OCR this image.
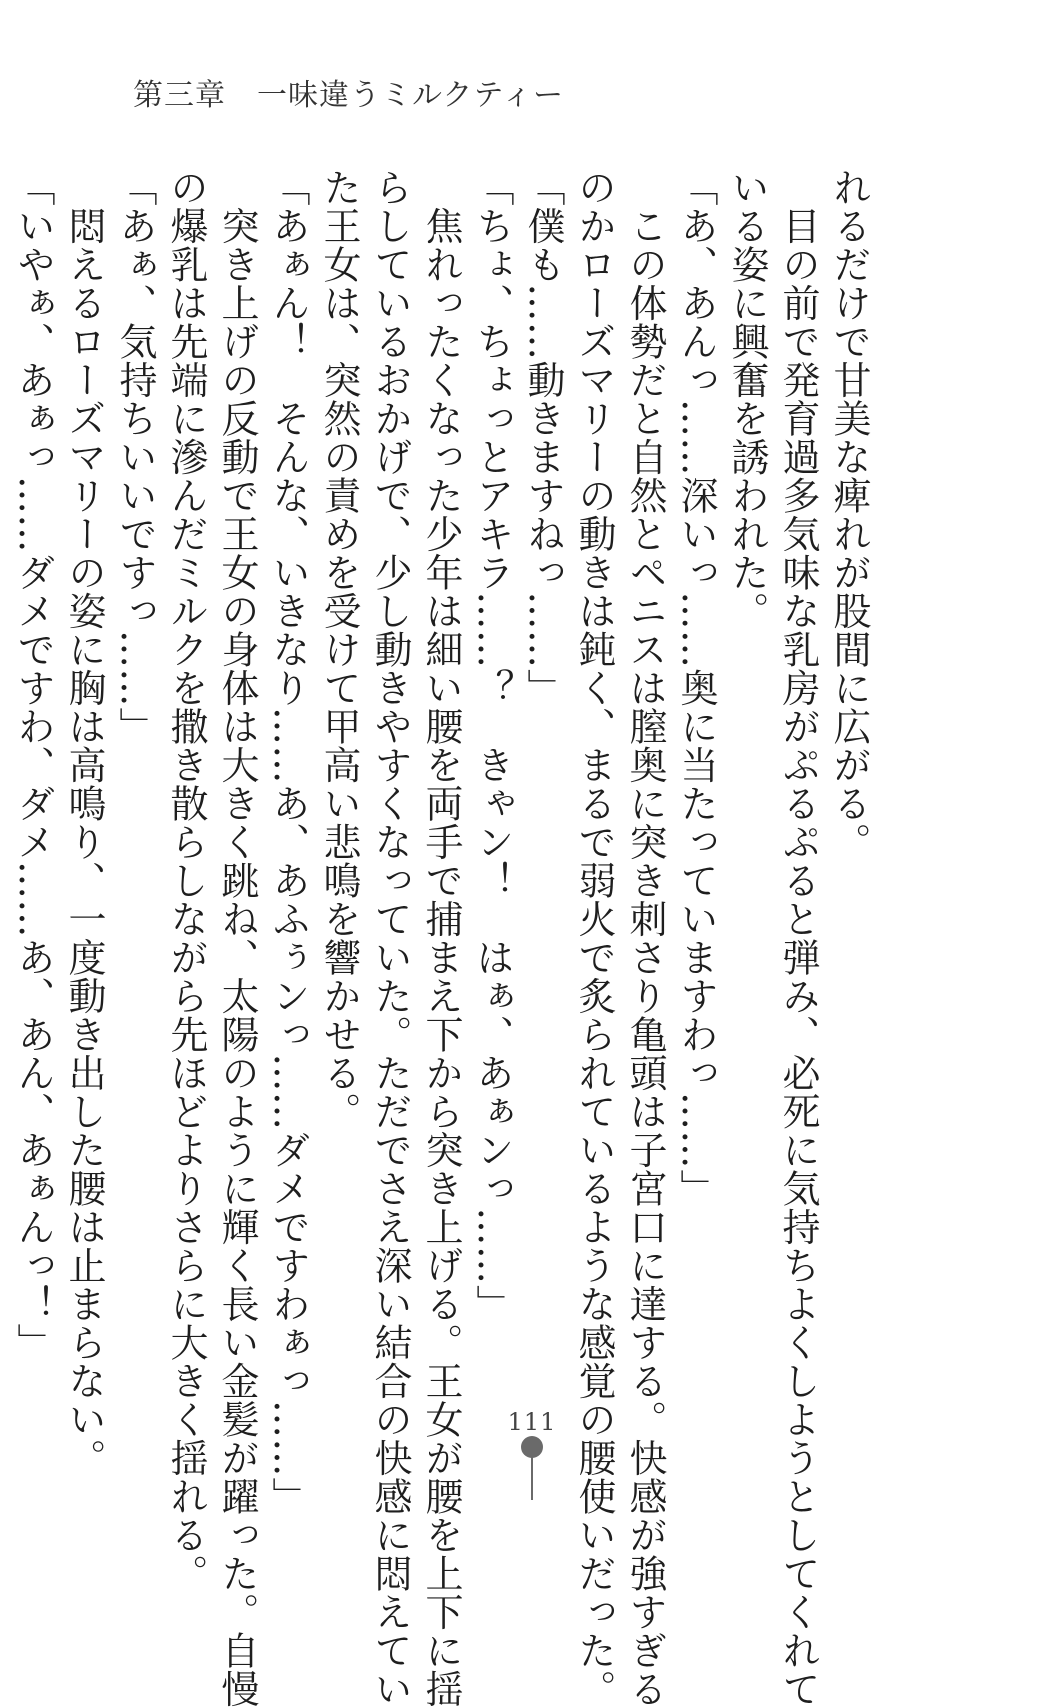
第三章　一味違うミルクティー

れるだけで甘美な痺れが股間に広がる。

　目の前で発育過多気味な乳房がぷるぷると弾み、必死に気持ちよくしようとしてくれて

いる姿に興奮を誘われた。

「あ、あんっ……深いっ……奥に当たっていますわっ……」

　この体勢だと自然とペニスは膣奥に突き刺さり亀頭は子宮口に達する。快感が強すぎる

のかローズマリーの動きは鈍く、まるで弱火で炙られているような感覚の腰使いだった。

「僕も……動きますねっ……」

「ちょ、ちょっとアキラ……？　きゃン！　はぁ、あぁンっ……」

　焦れったくなった少年は細い腰を両手で捕まえ下から突き上げる。王女が腰を上下に揺

らしているおかげで、少し動きやすくなっていた。ただでさえ深い結合の快感に悶えてい

た王女は、突然の責めを受けて甲高い悲鳴を響かせる。

「あぁん！　そんな、いきなり……あ、あふぅンっ……ダメですわぁっ……」

　突き上げの反動で王女の身体は大きく跳ね、太陽のように輝く長い金髪が躍った。自慢

の爆乳は先端に滲んだミルクを撒き散らしながら先ほどよりさらに大きく揺れる。

「あぁ、気持ちいいですっ……」

　悶えるローズマリーの姿に胸は高鳴り、一度動き出した腰は止まらない。

「いやぁ、あぁっ……ダメですわ、ダメ……あ、あん、あぁんっ！」

111
